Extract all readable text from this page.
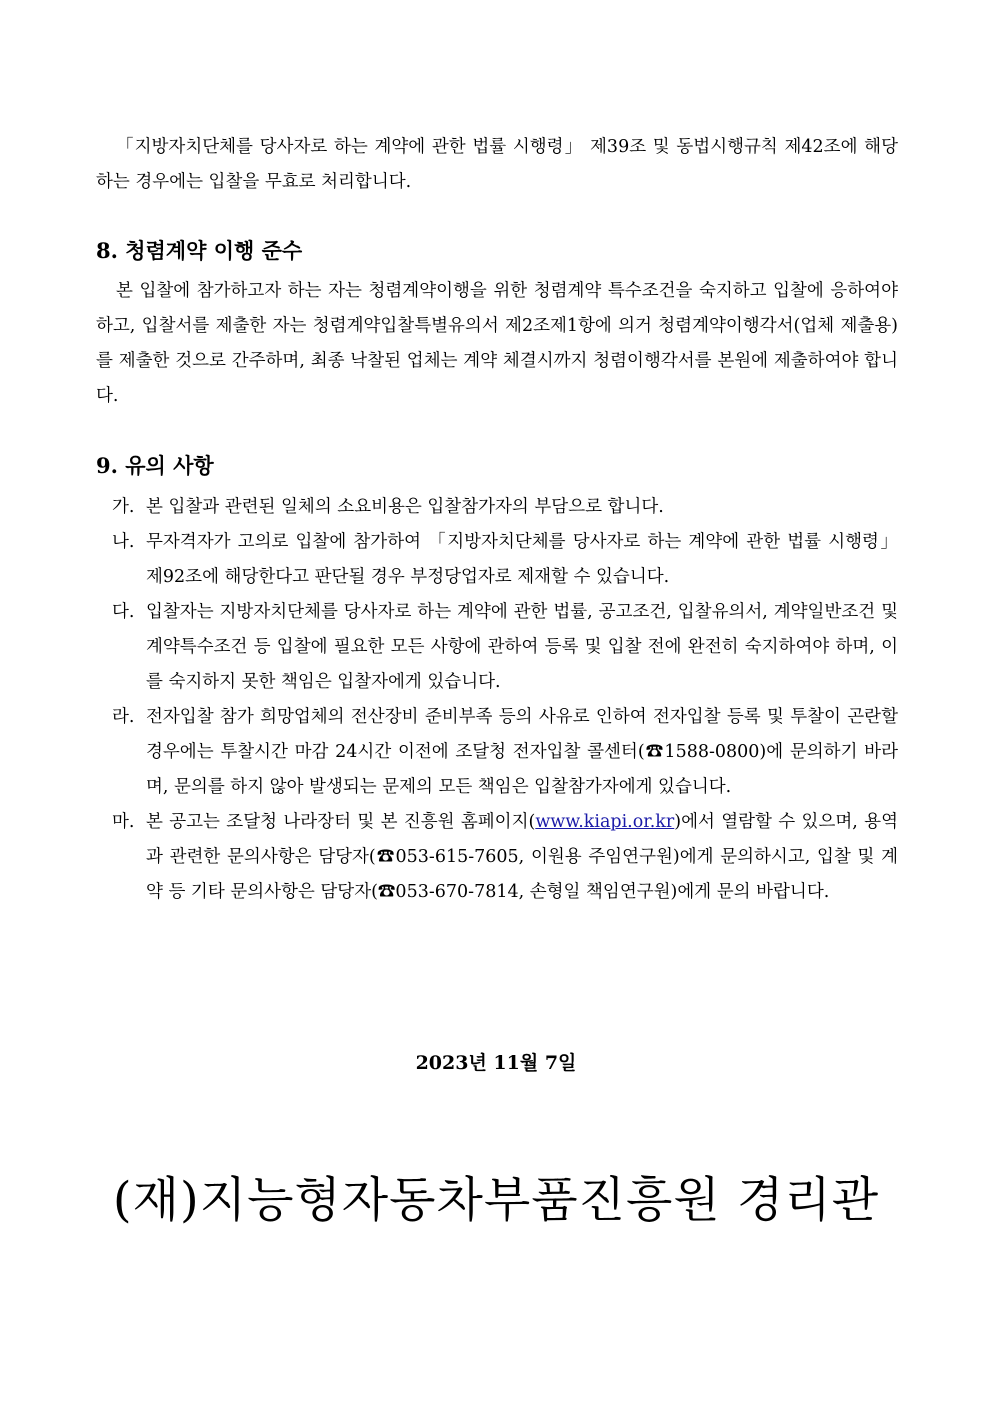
「지방자치단체를 당사자로 하는 계약에 관한 법률 시행령」 제39조 및 동법시행규칙 제42조에 해당하는 경우에는 입찰을 무효로 처리합니다.

8. 청렴계약 이행 준수

본 입찰에 참가하고자 하는 자는 청렴계약이행을 위한 청렴계약 특수조건을 숙지하고 입찰에 응하여야 하고, 입찰서를 제출한 자는 청렴계약입찰특별유의서 제2조제1항에 의거 청렴계약이행각서(업체 제출용)를 제출한 것으로 간주하며, 최종 낙찰된 업체는 계약 체결시까지 청렴이행각서를 본원에 제출하여야 합니다.

9. 유의 사항
가. 본 입찰과 관련된 일체의 소요비용은 입찰참가자의 부담으로 합니다.
나. 무자격자가 고의로 입찰에 참가하여 「지방자치단체를 당사자로 하는 계약에 관한 법률 시행령」 제92조에 해당한다고 판단될 경우 부정당업자로 제재할 수 있습니다.
다. 입찰자는 지방자치단체를 당사자로 하는 계약에 관한 법률, 공고조건, 입찰유의서, 계약일반조건 및 계약특수조건 등 입찰에 필요한 모든 사항에 관하여 등록 및 입찰 전에 완전히 숙지하여야 하며, 이를 숙지하지 못한 책임은 입찰자에게 있습니다.
라. 전자입찰 참가 희망업체의 전산장비 준비부족 등의 사유로 인하여 전자입찰 등록 및 투찰이 곤란할 경우에는 투찰시간 마감 24시간 이전에 조달청 전자입찰 콜센터(☎1588-0800)에 문의하기 바라며, 문의를 하지 않아 발생되는 문제의 모든 책임은 입찰참가자에게 있습니다.
마. 본 공고는 조달청 나라장터 및 본 진흥원 홈페이지(www.kiapi.or.kr)에서 열람할 수 있으며, 용역과 관련한 문의사항은 담당자(☎053-615-7605, 이원용 주임연구원)에게 문의하시고, 입찰 및 계약 등 기타 문의사항은 담당자(☎053-670-7814, 손형일 책임연구원)에게 문의 바랍니다.

2023년 11월 7일

(재)지능형자동차부품진흥원 경리관
